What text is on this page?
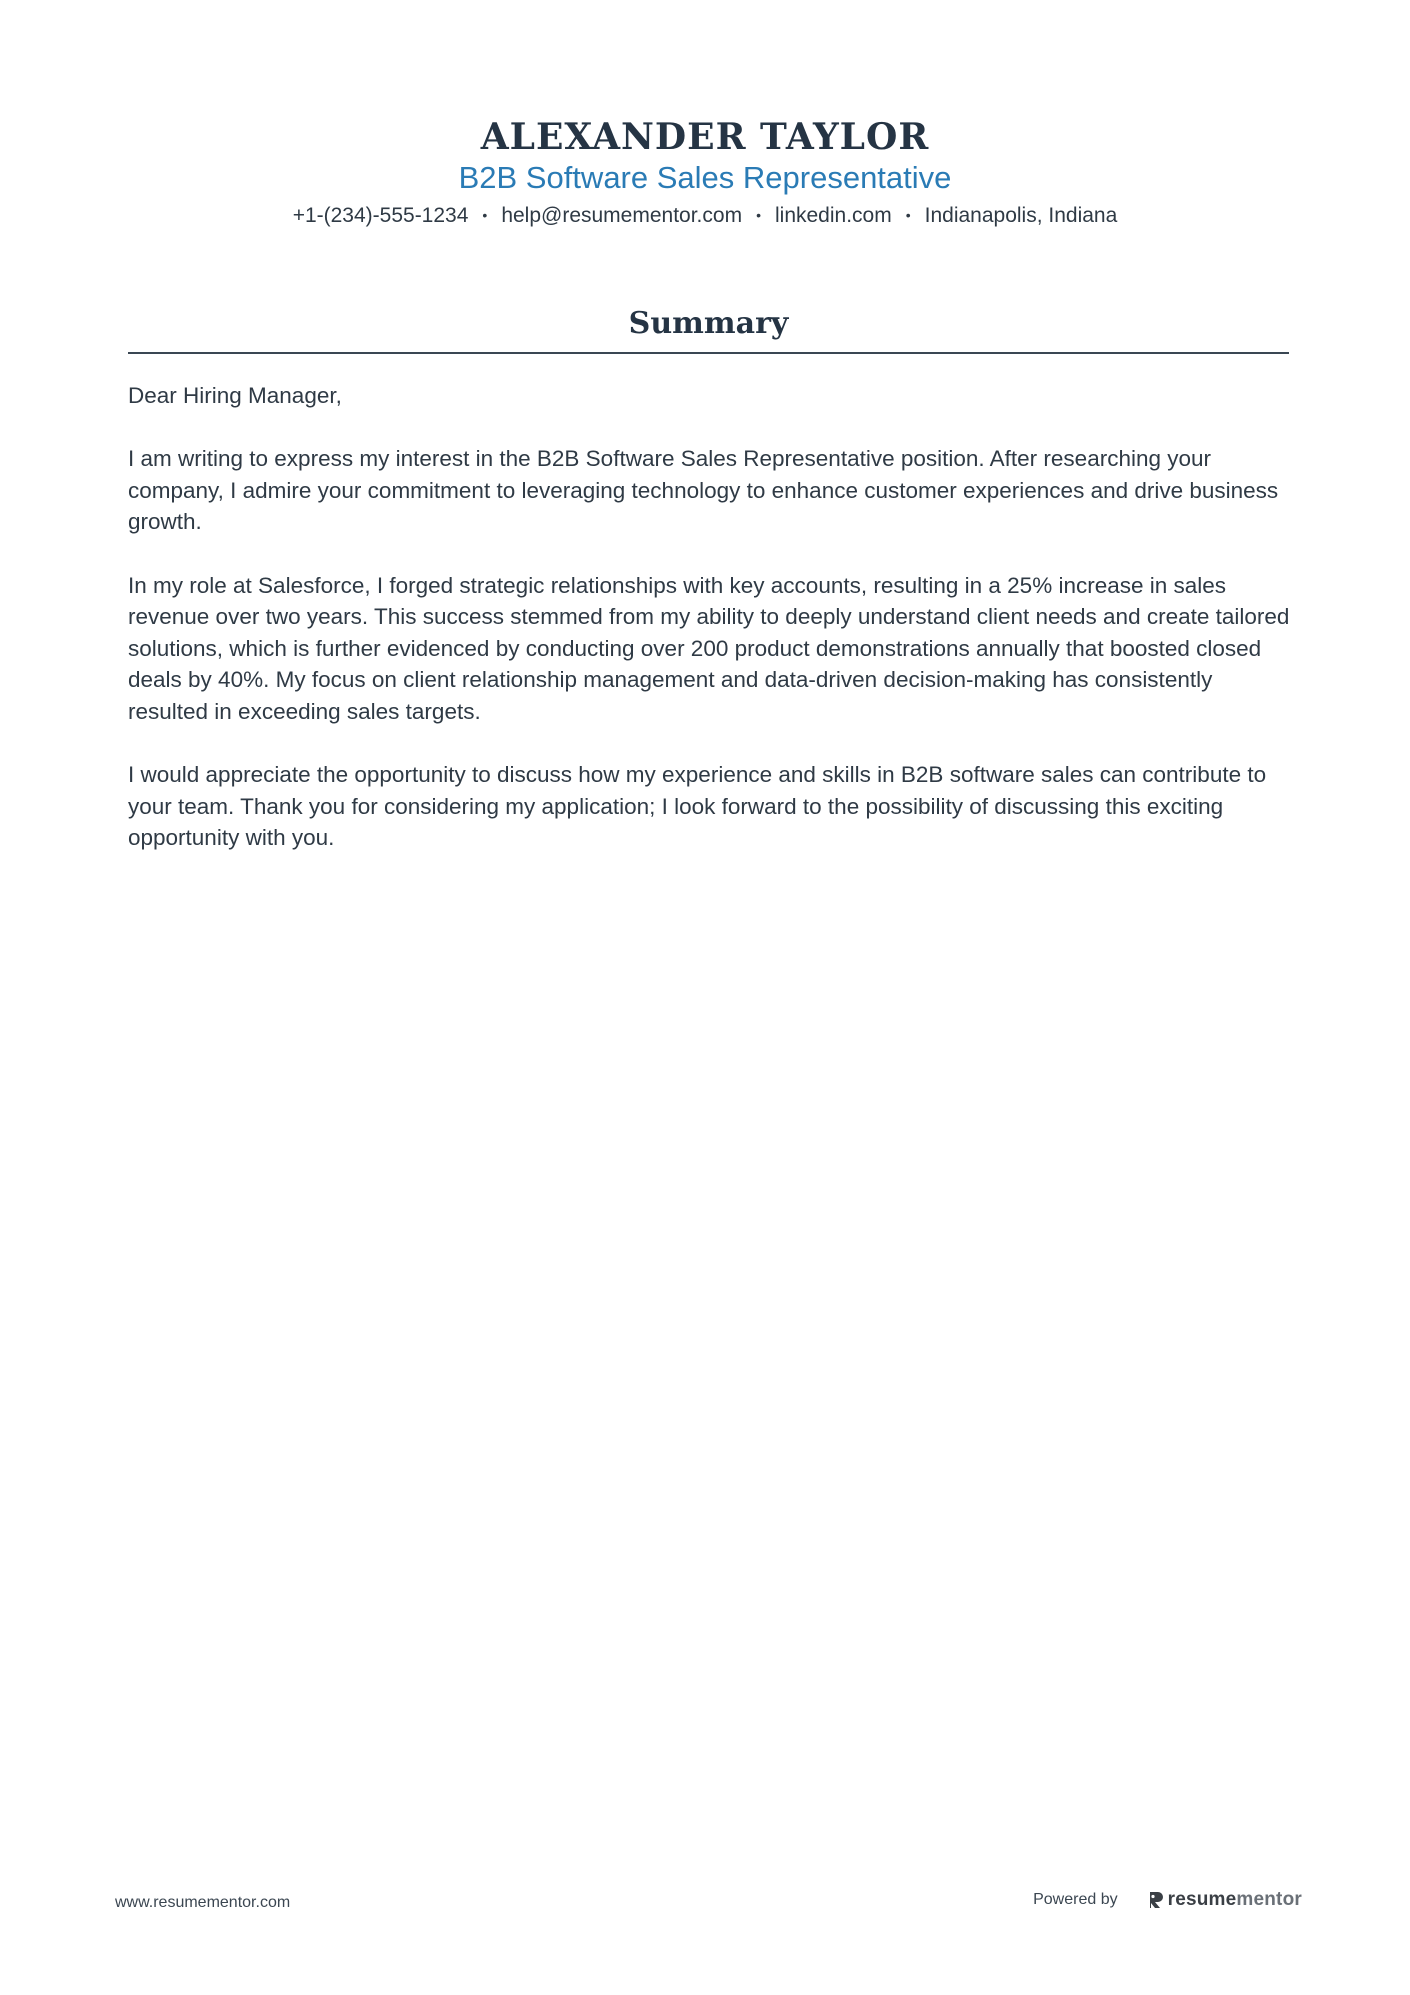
ALEXANDER TAYLOR
B2B Software Sales Representative
+1-(234)-555-1234 • help@resumementor.com • linkedin.com • Indianapolis, Indiana
Summary

Dear Hiring Manager,

I am writing to express my interest in the B2B Software Sales Representative position. After researching your company, I admire your commitment to leveraging technology to enhance customer experiences and drive business growth.

In my role at Salesforce, I forged strategic relationships with key accounts, resulting in a 25% increase in sales revenue over two years. This success stemmed from my ability to deeply understand client needs and create tailored solutions, which is further evidenced by conducting over 200 product demonstrations annually that boosted closed deals by 40%. My focus on client relationship management and data-driven decision-making has consistently resulted in exceeding sales targets.

I would appreciate the opportunity to discuss how my experience and skills in B2B software sales can contribute to your team. Thank you for considering my application; I look forward to the possibility of discussing this exciting opportunity with you.

www.resumementor.com	Powered by	resumementor
